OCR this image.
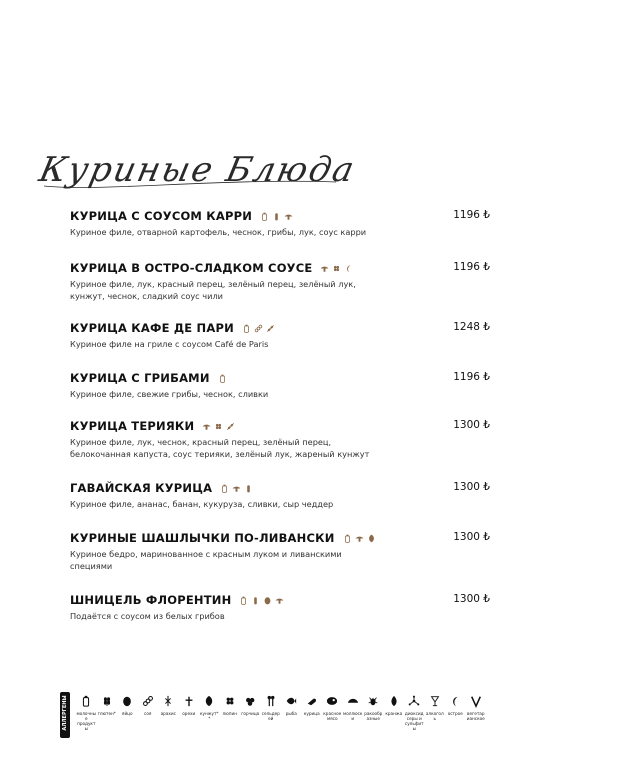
Куриные Блюда
КУРИЦА С СОУСОМ КАРРИ	1196 ₺
Куриное филе, отварной картофель, чеснок, грибы, лук, соус карри
КУРИЦА В ОСТРО-СЛАДКОМ СОУСЕ	1196 ₺
Куриное филе, лук, красный перец, зелёный перец, зелёный лук, кунжут, чеснок, сладкий соус чили
КУРИЦА КАФЕ ДЕ ПАРИ	1248 ₺
Куриное филе на гриле с соусом Café de Paris
КУРИЦА С ГРИБАМИ	1196 ₺
Куриное филе, свежие грибы, чеснок, сливки
КУРИЦА ТЕРИЯКИ	1300 ₺
Куриное филе, лук, чеснок, красный перец, зелёный перец, белокочанная капуста, соус терияки, зелёный лук, жареный кунжут
ГАВАЙСКАЯ КУРИЦА	1300 ₺
Куриное филе, ананас, банан, кукуруза, сливки, сыр чеддер
КУРИНЫЕ ШАШЛЫЧКИ ПО-ЛИВАНСКИ	1300 ₺
Куриное бедро, маринованное с красным луком и ливанскими специями
ШНИЦЕЛЬ ФЛОРЕНТИН	1300 ₺
Подаётся с соусом из белых грибов
АЛЛЕРГЕНЫ молочные продукты
глютен*	яйцо	соя	арахис	орехи	кунжут**
люпин	горчица сельдерей
рыба	курица красное мясо
моллюски
ракообразные
кранжа диоксид серы и сульфиты
алкоголь
острое	вегетарианское
